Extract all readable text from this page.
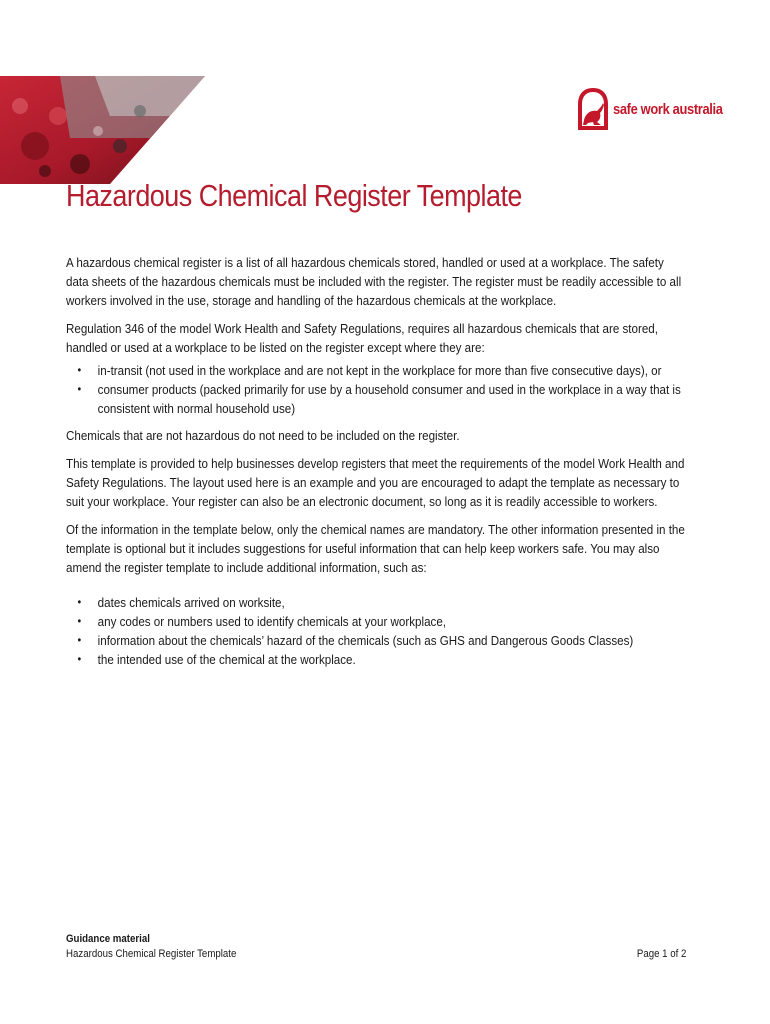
safe work australia
Hazardous Chemical Register Template

A hazardous chemical register is a list of all hazardous chemicals stored, handled or used at a workplace. The safety data sheets of the hazardous chemicals must be included with the register. The register must be readily accessible to all workers involved in the use, storage and handling of the hazardous chemicals at the workplace.

Regulation 346 of the model Work Health and Safety Regulations, requires all hazardous chemicals that are stored, handled or used at a workplace to be listed on the register except where they are:

• in-transit (not used in the workplace and are not kept in the workplace for more than five consecutive days), or
• consumer products (packed primarily for use by a household consumer and used in the workplace in a way that is consistent with normal household use)

Chemicals that are not hazardous do not need to be included on the register.

This template is provided to help businesses develop registers that meet the requirements of the model Work Health and Safety Regulations. The layout used here is an example and you are encouraged to adapt the template as necessary to suit your workplace. Your register can also be an electronic document, so long as it is readily accessible to workers.

Of the information in the template below, only the chemical names are mandatory. The other information presented in the template is optional but it includes suggestions for useful information that can help keep workers safe. You may also amend the register template to include additional information, such as:

• dates chemicals arrived on worksite,
• any codes or numbers used to identify chemicals at your workplace,
• information about the chemicals’ hazard of the chemicals (such as GHS and Dangerous Goods Classes)
• the intended use of the chemical at the workplace.
Guidance material
Hazardous Chemical Register Template	Page 1 of 2
